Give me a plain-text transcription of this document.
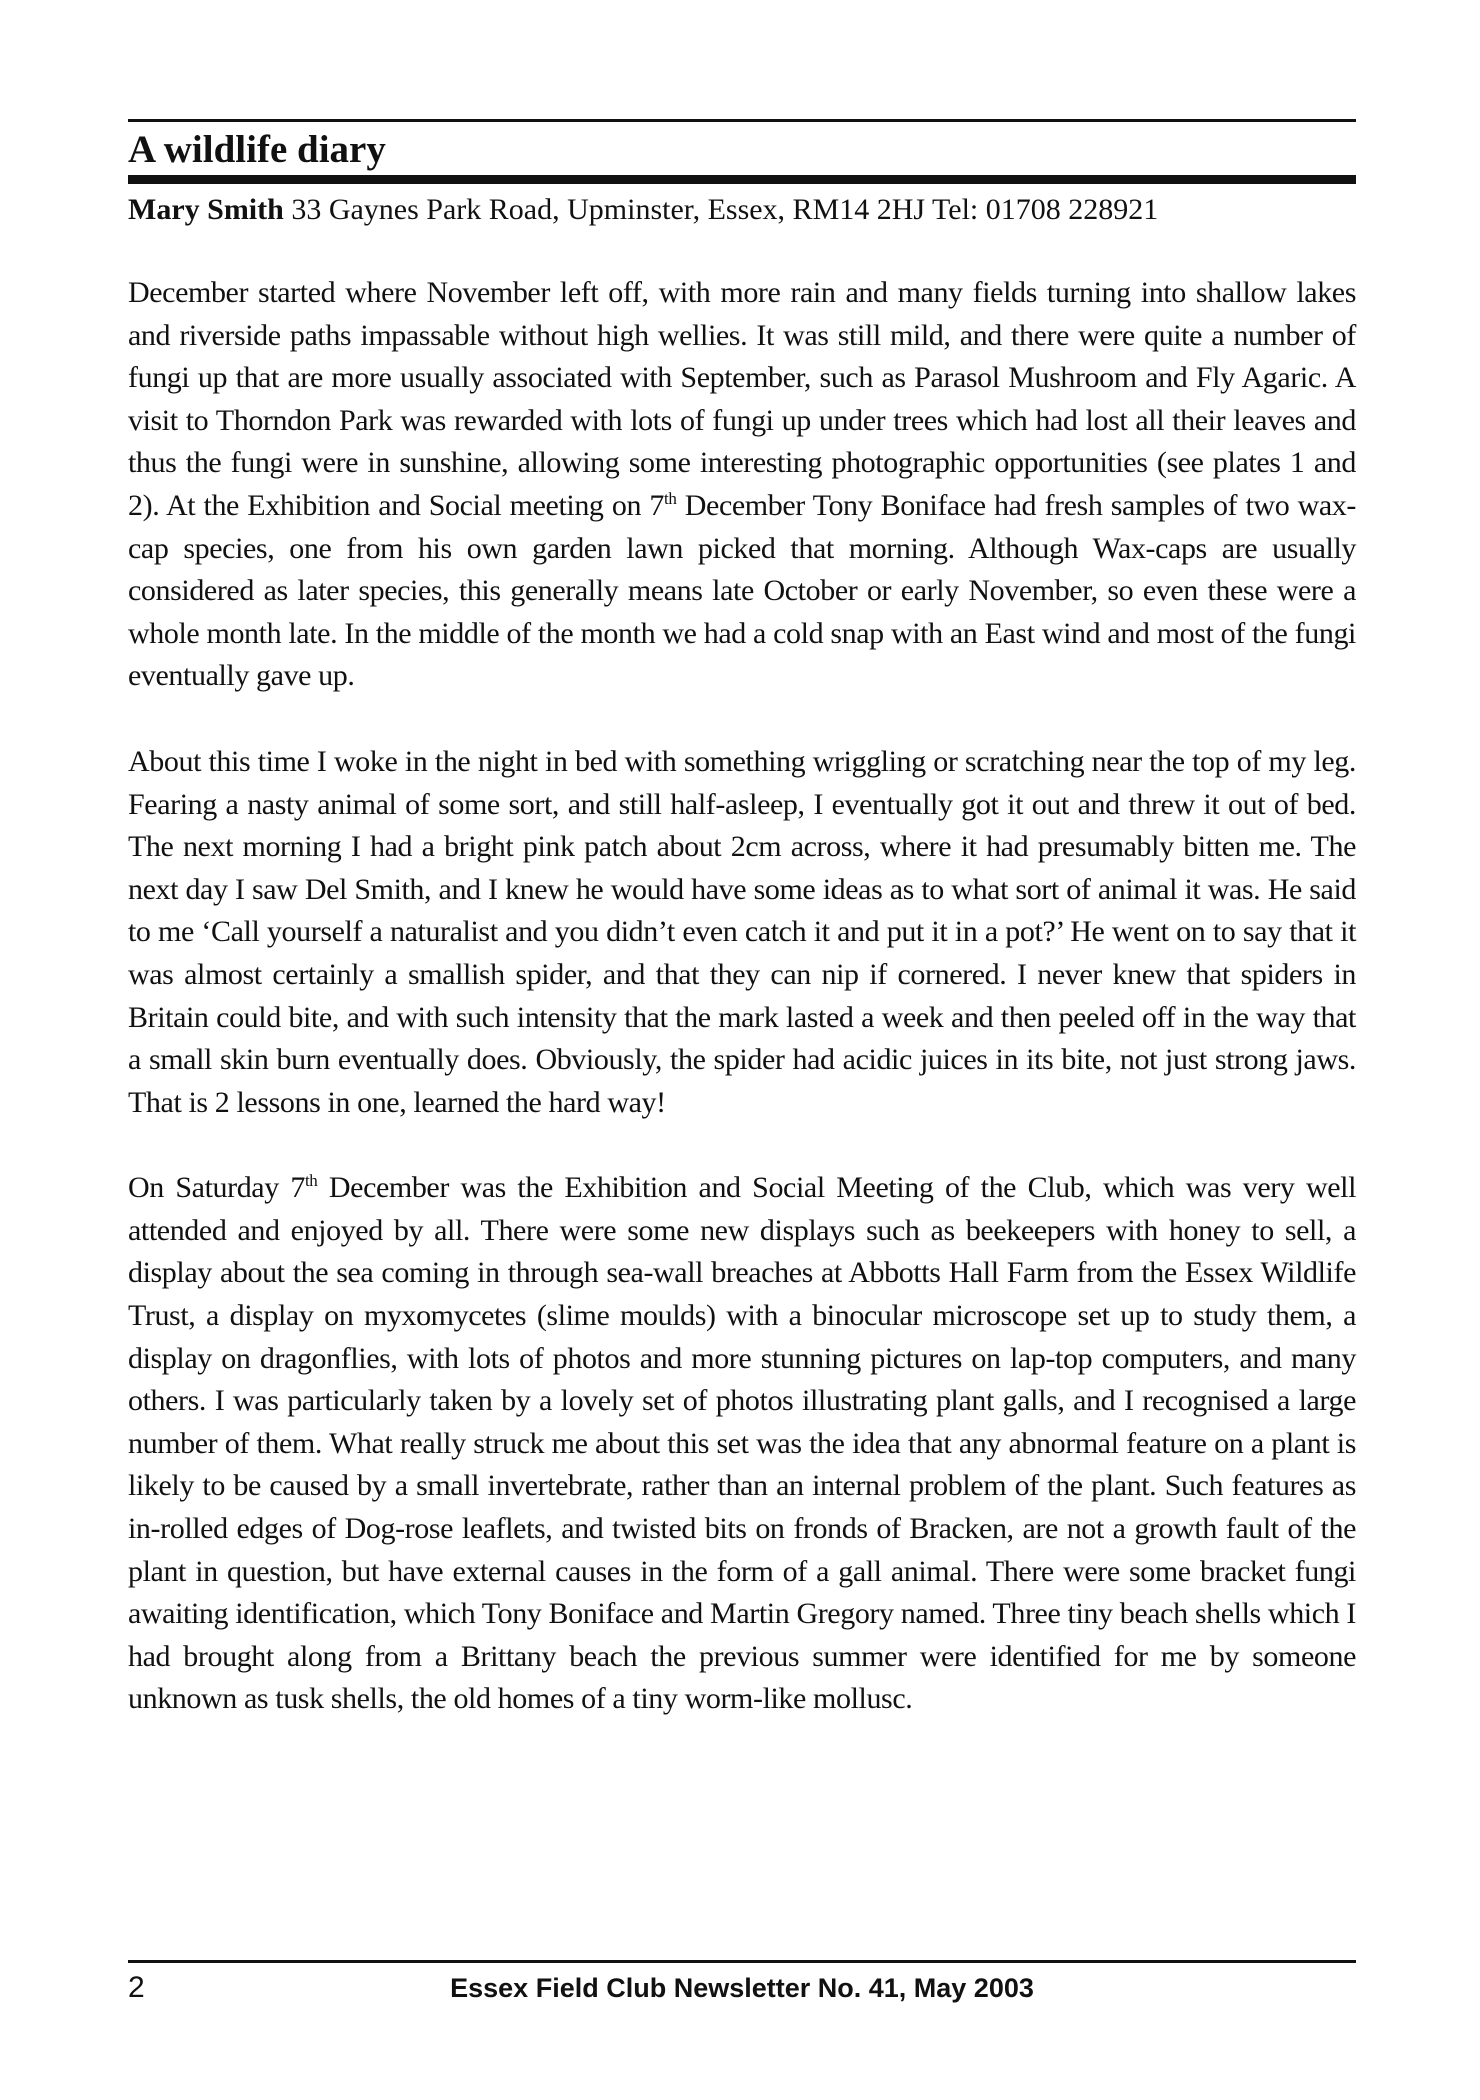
A wildlife diary

Mary Smith 33 Gaynes Park Road, Upminster, Essex, RM14 2HJ Tel: 01708 228921

December started where November left off, with more rain and many fields turning into shallow lakes and riverside paths impassable without high wellies. It was still mild, and there were quite a number of fungi up that are more usually associated with September, such as Parasol Mushroom and Fly Agaric. A visit to Thorndon Park was rewarded with lots of fungi up under trees which had lost all their leaves and thus the fungi were in sunshine, allowing some interesting photographic opportunities (see plates 1 and 2). At the Exhibition and Social meeting on 7th December Tony Boniface had fresh samples of two wax-cap species, one from his own garden lawn picked that morning. Although Wax-caps are usually considered as later species, this generally means late October or early November, so even these were a whole month late. In the middle of the month we had a cold snap with an East wind and most of the fungi eventually gave up.

About this time I woke in the night in bed with something wriggling or scratching near the top of my leg. Fearing a nasty animal of some sort, and still half-asleep, I eventually got it out and threw it out of bed. The next morning I had a bright pink patch about 2cm across, where it had presumably bitten me. The next day I saw Del Smith, and I knew he would have some ideas as to what sort of animal it was. He said to me ‘Call yourself a naturalist and you didn’t even catch it and put it in a pot?’ He went on to say that it was almost certainly a smallish spider, and that they can nip if cornered. I never knew that spiders in Britain could bite, and with such intensity that the mark lasted a week and then peeled off in the way that a small skin burn eventually does. Obviously, the spider had acidic juices in its bite, not just strong jaws. That is 2 lessons in one, learned the hard way!

On Saturday 7th December was the Exhibition and Social Meeting of the Club, which was very well attended and enjoyed by all. There were some new displays such as beekeepers with honey to sell, a display about the sea coming in through sea-wall breaches at Abbotts Hall Farm from the Essex Wildlife Trust, a display on myxomycetes (slime moulds) with a binocular microscope set up to study them, a display on dragonflies, with lots of photos and more stunning pictures on lap-top computers, and many others. I was particularly taken by a lovely set of photos illustrating plant galls, and I recognised a large number of them. What really struck me about this set was the idea that any abnormal feature on a plant is likely to be caused by a small invertebrate, rather than an internal problem of the plant. Such features as in-rolled edges of Dog-rose leaflets, and twisted bits on fronds of Bracken, are not a growth fault of the plant in question, but have external causes in the form of a gall animal. There were some bracket fungi awaiting identification, which Tony Boniface and Martin Gregory named. Three tiny beach shells which I had brought along from a Brittany beach the previous summer were identified for me by someone unknown as tusk shells, the old homes of a tiny worm-like mollusc.

2	Essex Field Club Newsletter No. 41, May 2003
